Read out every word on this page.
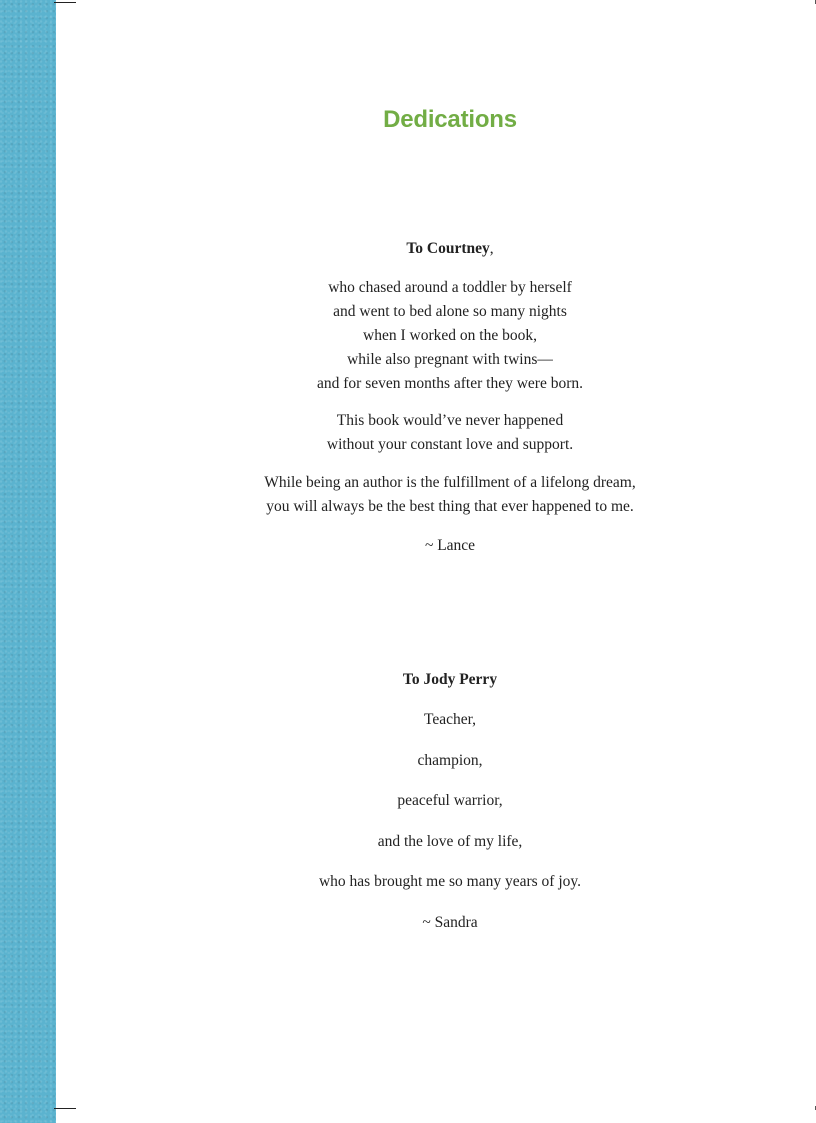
Dedications
To Courtney,

who chased around a toddler by herself

and went to bed alone so many nights

when I worked on the book,

while also pregnant with twins—

and for seven months after they were born.

This book would’ve never happened

without your constant love and support.

While being an author is the fulfillment of a lifelong dream,

you will always be the best thing that ever happened to me.

~ Lance
To Jody Perry
Teacher,
champion,
peaceful warrior,
and the love of my life,
who has brought me so many years of joy.
~ Sandra
